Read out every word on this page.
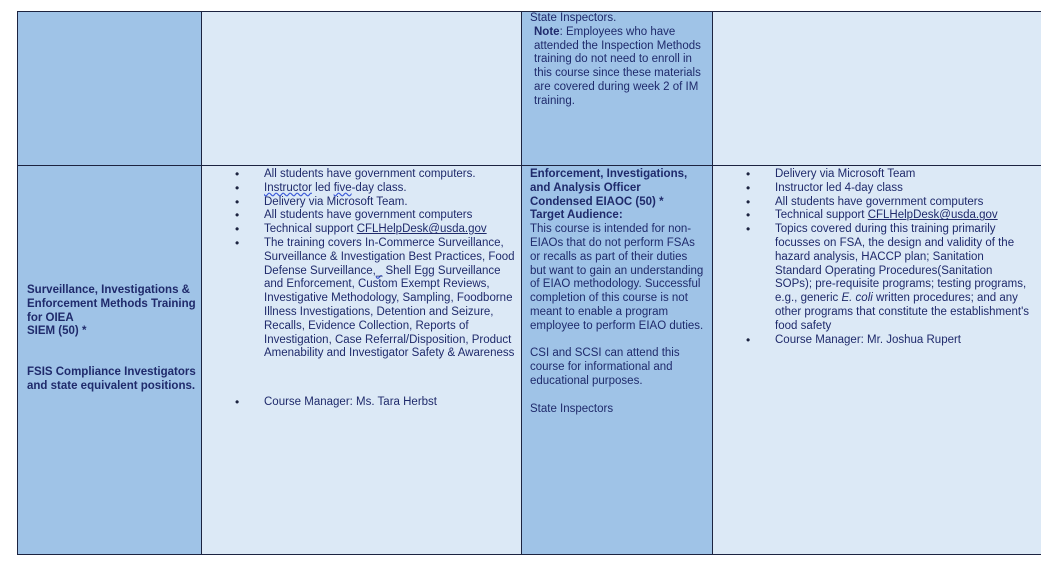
State Inspectors.
Note: Employees who have attended the Inspection Methods training do not need to enroll in this course since these materials are covered during week 2 of IM training.
Surveillance, Investigations & Enforcement Methods Training for OIEA
SIEM (50) *
FSIS Compliance Investigators and state equivalent positions.
• All students have government computers.
• Instructor led five-day class.
• Delivery via Microsoft Team.
• All students have government computers
• Technical support CFLHelpDesk@usda.gov
• The training covers In-Commerce Surveillance, Surveillance & Investigation Best Practices, Food Defense Surveillance,_ Shell Egg Surveillance and Enforcement, Custom Exempt Reviews, Investigative Methodology, Sampling, Foodborne Illness Investigations, Detention and Seizure, Recalls, Evidence Collection, Reports of Investigation, Case Referral/Disposition, Product Amenability and Investigator Safety & Awareness
• Course Manager: Ms. Tara Herbst
Enforcement, Investigations, and Analysis Officer Condensed EIAOC (50) *
Target Audience:
This course is intended for non-EIAOs that do not perform FSAs or recalls as part of their duties but want to gain an understanding of EIAO methodology. Successful completion of this course is not meant to enable a program employee to perform EIAO duties.
CSI and SCSI can attend this course for informational and educational purposes.
State Inspectors
• Delivery via Microsoft Team
• Instructor led 4-day class
• All students have government computers
• Technical support CFLHelpDesk@usda.gov
• Topics covered during this training primarily focusses on FSA, the design and validity of the hazard analysis, HACCP plan; Sanitation Standard Operating Procedures(Sanitation SOPs); pre-requisite programs; testing programs, e.g., generic E. coli written procedures; and any other programs that constitute the establishment's food safety
• Course Manager: Mr. Joshua Rupert
